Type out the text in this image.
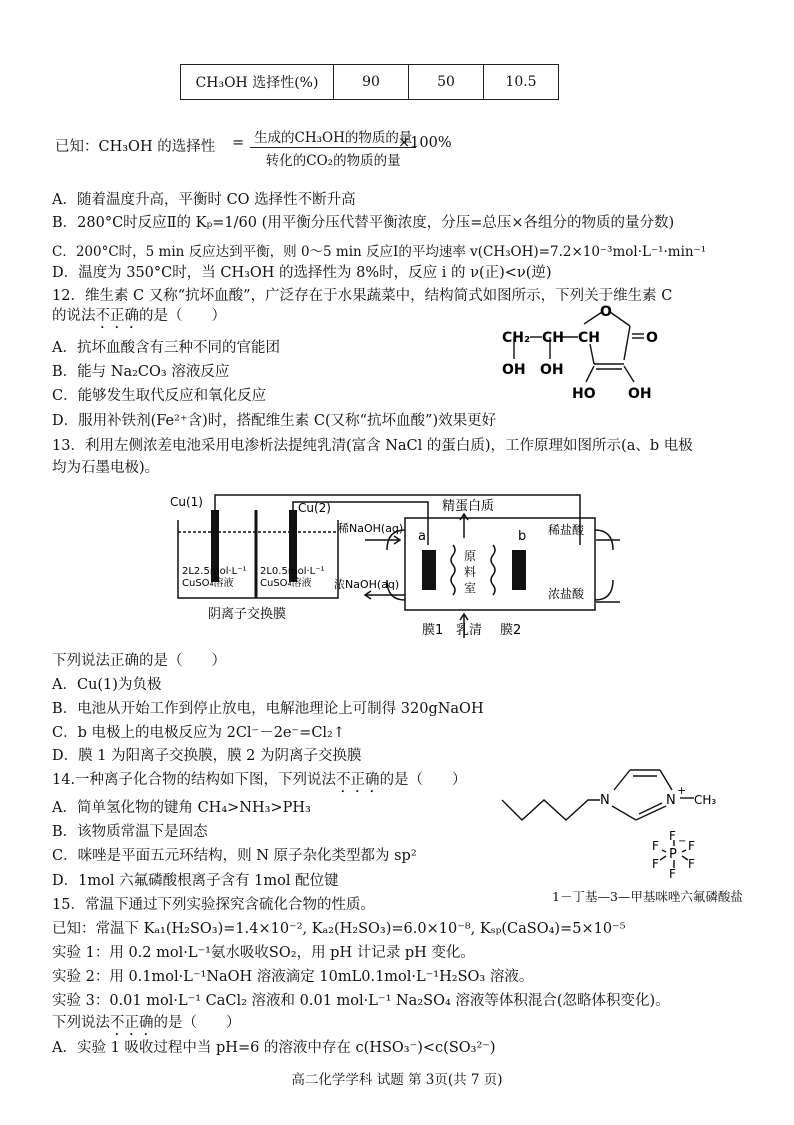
CH₃OH 选择性(%)	90	50	10.5
已知：CH₃OH 的选择性 = 生成的CH₃OH的物质的量
转化的CO₂的物质的量
×100%
A．随着温度升高，平衡时 CO 选择性不断升高
B．280°C时反应Ⅱ的 Kₚ=1/60 (用平衡分压代替平衡浓度，分压=总压×各组分的物质的量分数)
C．200°C时，5 min 反应达到平衡，则 0～5 min 反应Ⅰ的平均速率 v(CH₃OH)=7.2×10⁻³mol·L⁻¹·min⁻¹
D．温度为 350°C时，当 CH₃OH 的选择性为 8%时，反应 i 的 ν(正)<ν(逆)
12．维生素 C 又称“抗坏血酸”，广泛存在于水果蔬菜中，结构简式如图所示，下列关于维生素 C
的说法不正确的是（　　）
A．抗坏血酸含有三种不同的官能团
B．能与 Na₂CO₃ 溶液反应
C．能够发生取代反应和氧化反应
D．服用补铁剂(Fe²⁺含)时，搭配维生素 C(又称“抗坏血酸”)效果更好
CH₂ CH CH
O
O
OH OH
HO OH
13．利用左侧浓差电池采用电渗析法提纯乳清(富含 NaCl 的蛋白质)，工作原理如图所示(a、b 电极
均为石墨电极)。
Cu(1)	Cu(2)
2L2.5mol·L⁻¹
CuSO₄溶液
2L0.5mol·L⁻¹
CuSO₄溶液
阴离子交换膜
精蛋白质
a	b
稀NaOH(aq)
浓NaOH(aq)
稀盐酸
浓盐酸
原
料
室
膜1 乳清 膜2
下列说法正确的是（　　）
A．Cu(1)为负极
B．电池从开始工作到停止放电，电解池理论上可制得 320gNaOH
C．b 电极上的电极反应为 2Cl⁻－2e⁻=Cl₂↑
D．膜 1 为阳离子交换膜，膜 2 为阴离子交换膜
14.一种离子化合物的结构如下图，下列说法不正确的是（　　）
A．简单氢化物的键角 CH₄>NH₃>PH₃
B．该物质常温下是固态
C．咪唑是平面五元环结构，则 N 原子杂化类型都为 sp²
D．1mol 六氟磷酸根离子含有 1mol 配位键
N	N
+
CH₃
P
−
F
F F
F F
F
1－丁基—3—甲基咪唑六氟磷酸盐
15．常温下通过下列实验探究含硫化合物的性质。
已知：常温下 Kₐ₁(H₂SO₃)=1.4×10⁻², Kₐ₂(H₂SO₃)=6.0×10⁻⁸, Kₛₚ(CaSO₄)=5×10⁻⁵
实验 1：用 0.2 mol·L⁻¹氨水吸收SO₂，用 pH 计记录 pH 变化。
实验 2：用 0.1mol·L⁻¹NaOH 溶液滴定 10mL0.1mol·L⁻¹H₂SO₃ 溶液。
实验 3：0.01 mol·L⁻¹ CaCl₂ 溶液和 0.01 mol·L⁻¹ Na₂SO₄ 溶液等体积混合(忽略体积变化)。
下列说法不正确的是（　　）
A．实验 1 吸收过程中当 pH=6 的溶液中存在 c(HSO₃⁻)<c(SO₃²⁻)
高二化学学科 试题 第 3页(共 7 页)
